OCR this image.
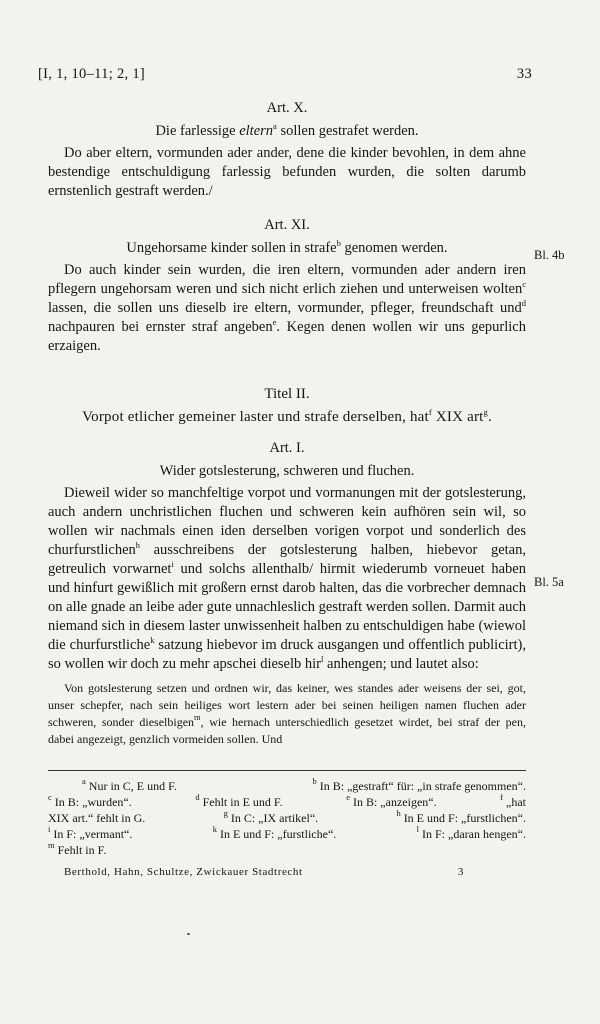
[I, 1, 10–11; 2, 1]	33
Bl. 4b
Bl. 5a
Art. X.
Die farlessige eltern$^a$ sollen gestrafet werden.

Do aber eltern, vormunden ader ander, dene die kinder bevohlen, in dem ahne bestendige entschuldigung farlessig befunden wurden, die solten darumb ernstenlich gestraft werden./

Art. XI.
Ungehorsame kinder sollen in strafe$^b$ genomen werden.

Do auch kinder sein wurden, die iren eltern, vormunden ader andern iren pflegern ungehorsam weren und sich nicht erlich ziehen und unterweisen wolten$^c$ lassen, die sollen uns dieselb ire eltern, vormunder, pfleger, freundschaft und$^d$ nachpauren bei ernster straf angeben$^e$. Kegen denen wollen wir uns gepurlich erzaigen.

Titel II.
Vorpot etlicher gemeiner laster und strafe derselben, hat$^f$ XIX art$^g$.
Art. I.
Wider gotslesterung, schweren und fluchen.

Dieweil wider so manchfeltige vorpot und vormanungen mit der gotslesterung, auch andern unchristlichen fluchen und schweren kein aufhören sein wil, so wollen wir nachmals einen iden derselben vorigen vorpot und sonderlich des churfurstlichen$^h$ ausschreibens der gotslesterung halben, hiebevor getan, getreulich vorwarnet$^i$ und solchs allenthalb/ hirmit wiederumb vorneuet haben und hinfurt gewißlich mit großern ernst darob halten, das die vorbrecher demnach on alle gnade an leibe ader gute unnachleslich gestraft werden sollen. Darmit auch niemand sich in diesem laster unwissenheit halben zu entschuldigen habe (wiewol die churfurstliche$^k$ satzung hiebevor im druck ausgangen und offentlich publicirt), so wollen wir doch zu mehr apschei dieselb hir$^l$ anhengen; und lautet also:

Von gotslesterung setzen und ordnen wir, das keiner, wes standes ader weisens der sei, got, unser schepfer, nach sein heiliges wort lestern ader bei seinen heiligen namen fluchen ader schweren, sonder dieselbigen$^m$, wie hernach unterschiedlich gesetzet wirdet, bei straf der pen, dabei angezeigt, genzlich vormeiden sollen. Und

$^a$ Nur in C, E und F.	$^b$ In B: „gestraft“ für: „in strafe genommen“.
$^c$ In B: „wurden“.	$^d$ Fehlt in E und F.	$^e$ In B: „anzeigen“.	$^f$ „hat
XIX art.“ fehlt in G.	$^g$ In C: „IX artikel“.	$^h$ In E und F: „furstlichen“.
$^i$ In F: „vermant“.	$^k$ In E und F: „furstliche“.	$^l$ In F: „daran hengen“.
$^m$ Fehlt in F.
Berthold, Hahn, Schultze, Zwickauer Stadtrecht	3
